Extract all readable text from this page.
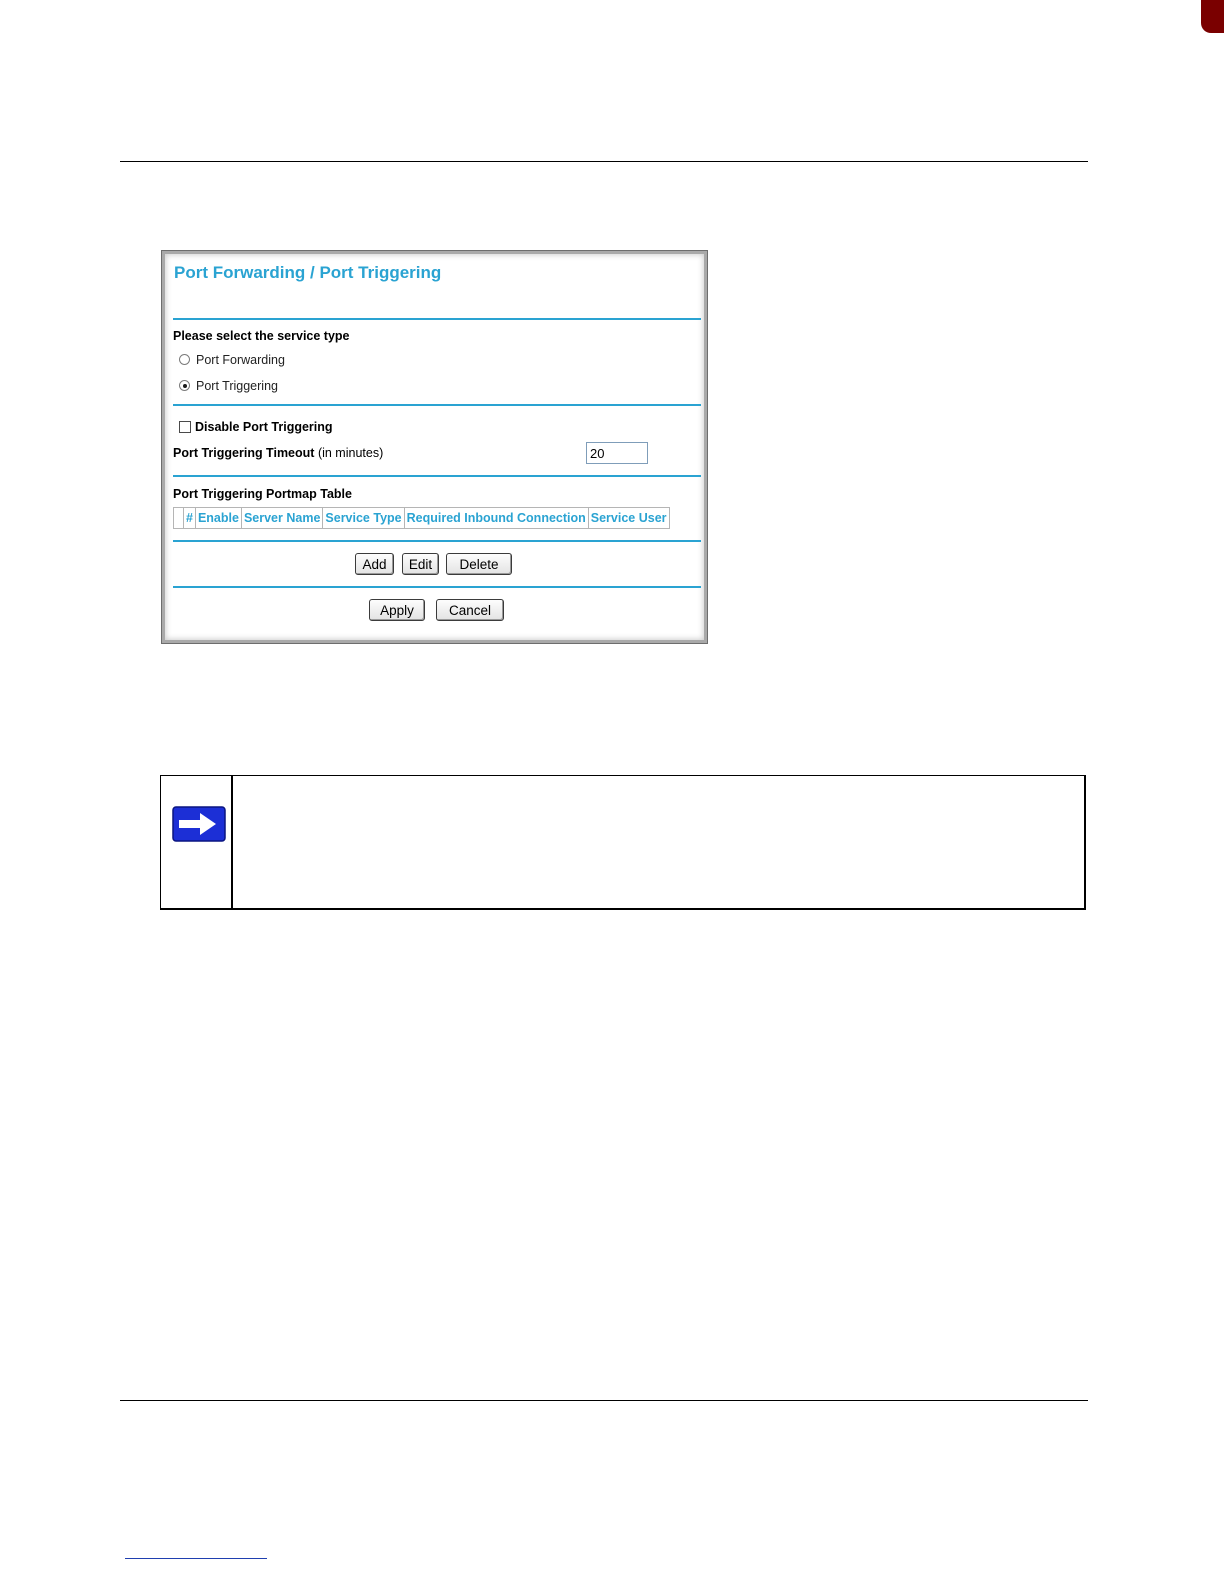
Port Forwarding / Port Triggering
Please select the service type
Port Forwarding
Port Triggering
Disable Port Triggering
Port Triggering Timeout (in minutes)
20
Port Triggering Portmap Table
	#	Enable	Server Name	Service Type	Required Inbound Connection	Service User
Add	Edit	Delete
Apply	Cancel
